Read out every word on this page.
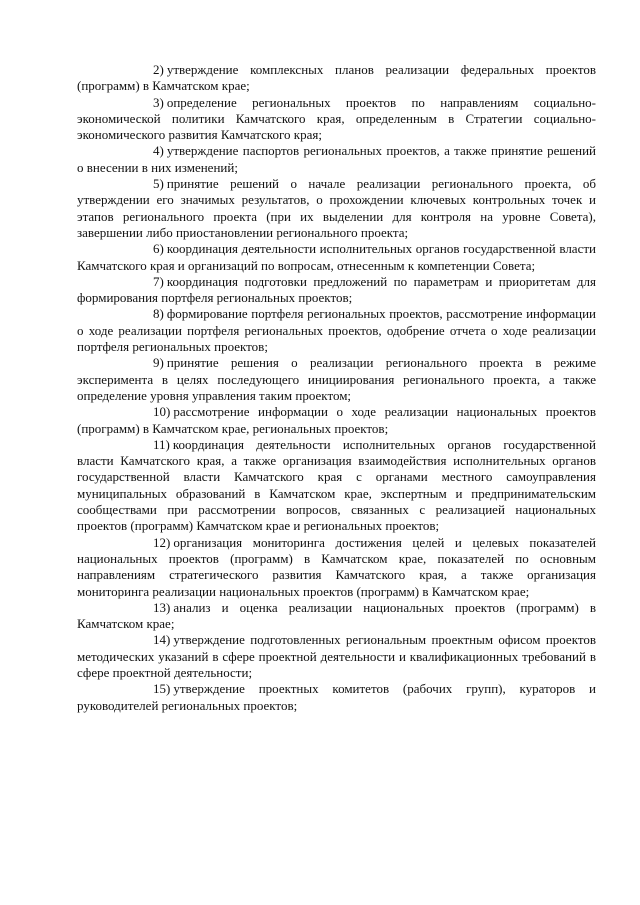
2) утверждение комплексных планов реализации федеральных проектов (программ) в Камчатском крае;

3) определение региональных проектов по направлениям социально-экономической политики Камчатского края, определенным в Стратегии социально-экономического развития Камчатского края;

4) утверждение паспортов региональных проектов, а также принятие решений о внесении в них изменений;

5) принятие решений о начале реализации регионального проекта, об утверждении его значимых результатов, о прохождении ключевых контрольных точек и этапов регионального проекта (при их выделении для контроля на уровне Совета), завершении либо приостановлении регионального проекта;

6) координация деятельности исполнительных органов государственной власти Камчатского края и организаций по вопросам, отнесенным к компетенции Совета;

7) координация подготовки предложений по параметрам и приоритетам для формирования портфеля региональных проектов;

8) формирование портфеля региональных проектов, рассмотрение информации о ходе реализации портфеля региональных проектов, одобрение отчета о ходе реализации портфеля региональных проектов;

9) принятие решения о реализации регионального проекта в режиме эксперимента в целях последующего инициирования регионального проекта, а также определение уровня управления таким проектом;

10) рассмотрение информации о ходе реализации национальных проектов (программ) в Камчатском крае, региональных проектов;

11) координация деятельности исполнительных органов государственной власти Камчатского края, а также организация взаимодействия исполнительных органов государственной власти Камчатского края с органами местного самоуправления муниципальных образований в Камчатском крае, экспертным и предпринимательским сообществами при рассмотрении вопросов, связанных с реализацией национальных проектов (программ) Камчатском крае и региональных проектов;

12) организация мониторинга достижения целей и целевых показателей национальных проектов (программ) в Камчатском крае, показателей по основным направлениям стратегического развития Камчатского края, а также организация мониторинга реализации национальных проектов (программ) в Камчатском крае;

13) анализ и оценка реализации национальных проектов (программ) в Камчатском крае;

14) утверждение подготовленных региональным проектным офисом проектов методических указаний в сфере проектной деятельности и квалификационных требований в сфере проектной деятельности;

15) утверждение проектных комитетов (рабочих групп), кураторов и руководителей региональных проектов;
